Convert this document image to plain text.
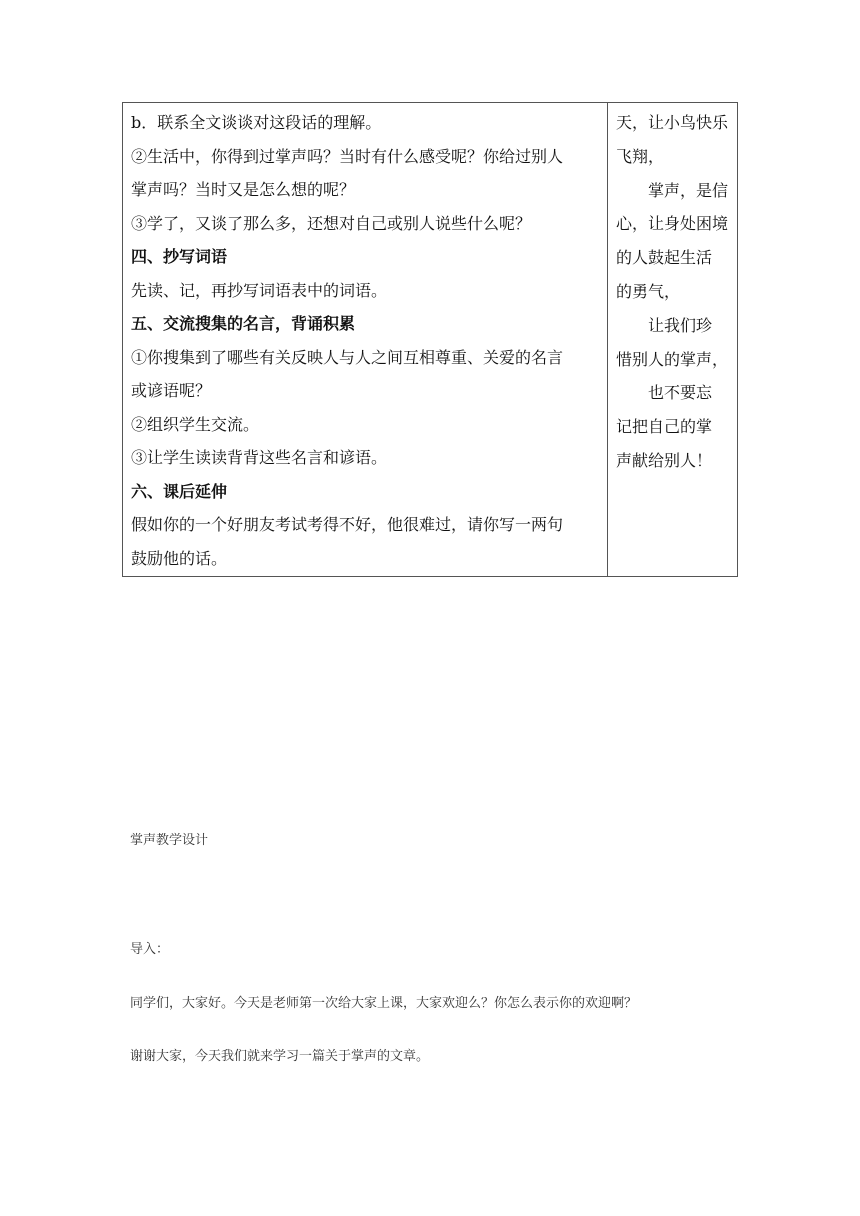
b．联系全文谈谈对这段话的理解。
②生活中，你得到过掌声吗？当时有什么感受呢？你给过别人
掌声吗？当时又是怎么想的呢？
③学了，又谈了那么多，还想对自己或别人说些什么呢？
四、抄写词语
先读、记，再抄写词语表中的词语。
五、交流搜集的名言，背诵积累
①你搜集到了哪些有关反映人与人之间互相尊重、关爱的名言
或谚语呢？
②组织学生交流。
③让学生读读背背这些名言和谚语。
六、课后延伸
假如你的一个好朋友考试考得不好，他很难过，请你写一两句
鼓励他的话。
天，让小鸟快乐
飞翔，
掌声，是信
心，让身处困境
的人鼓起生活
的勇气，
让我们珍
惜别人的掌声，
也不要忘
记把自己的掌
声献给别人！
掌声教学设计
导入：
同学们，大家好。今天是老师第一次给大家上课，大家欢迎么？你怎么表示你的欢迎啊？
谢谢大家，今天我们就来学习一篇关于掌声的文章。
